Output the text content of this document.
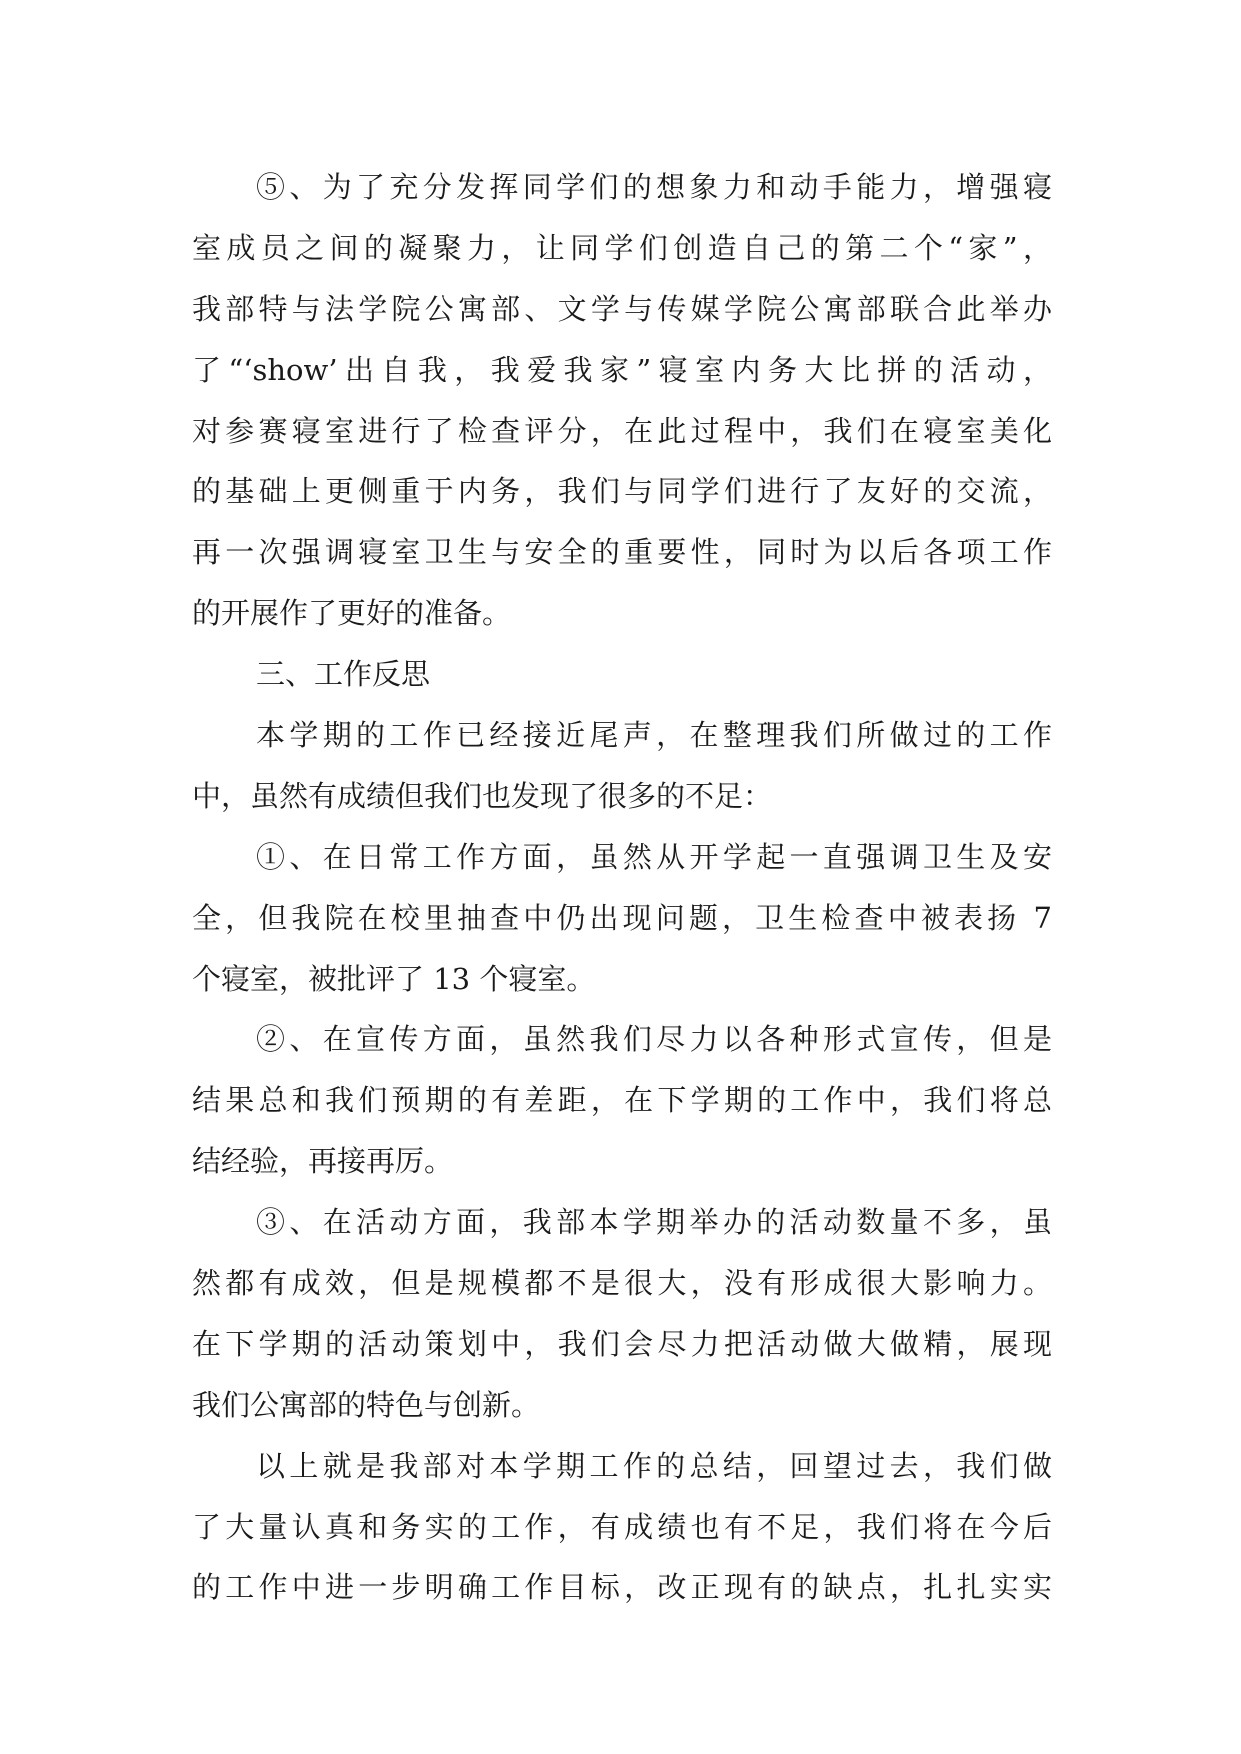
⑤、为了充分发挥同学们的想象力和动手能力，增强寝
室成员之间的凝聚力，让同学们创造自己的第二个“家”，
我部特与法学院公寓部、文学与传媒学院公寓部联合此举办
了“‘show’出自我，我爱我家”寝室内务大比拼的活动，
对参赛寝室进行了检查评分，在此过程中，我们在寝室美化
的基础上更侧重于内务，我们与同学们进行了友好的交流，
再一次强调寝室卫生与安全的重要性，同时为以后各项工作
的开展作了更好的准备。
三、工作反思
本学期的工作已经接近尾声，在整理我们所做过的工作
中，虽然有成绩但我们也发现了很多的不足：
①、在日常工作方面，虽然从开学起一直强调卫生及安
全，但我院在校里抽查中仍出现问题，卫生检查中被表扬 7
个寝室，被批评了 13 个寝室。
②、在宣传方面，虽然我们尽力以各种形式宣传，但是
结果总和我们预期的有差距，在下学期的工作中，我们将总
结经验，再接再厉。
③、在活动方面，我部本学期举办的活动数量不多，虽
然都有成效，但是规模都不是很大，没有形成很大影响力。
在下学期的活动策划中，我们会尽力把活动做大做精，展现
我们公寓部的特色与创新。
以上就是我部对本学期工作的总结，回望过去，我们做
了大量认真和务实的工作，有成绩也有不足，我们将在今后
的工作中进一步明确工作目标，改正现有的缺点，扎扎实实
